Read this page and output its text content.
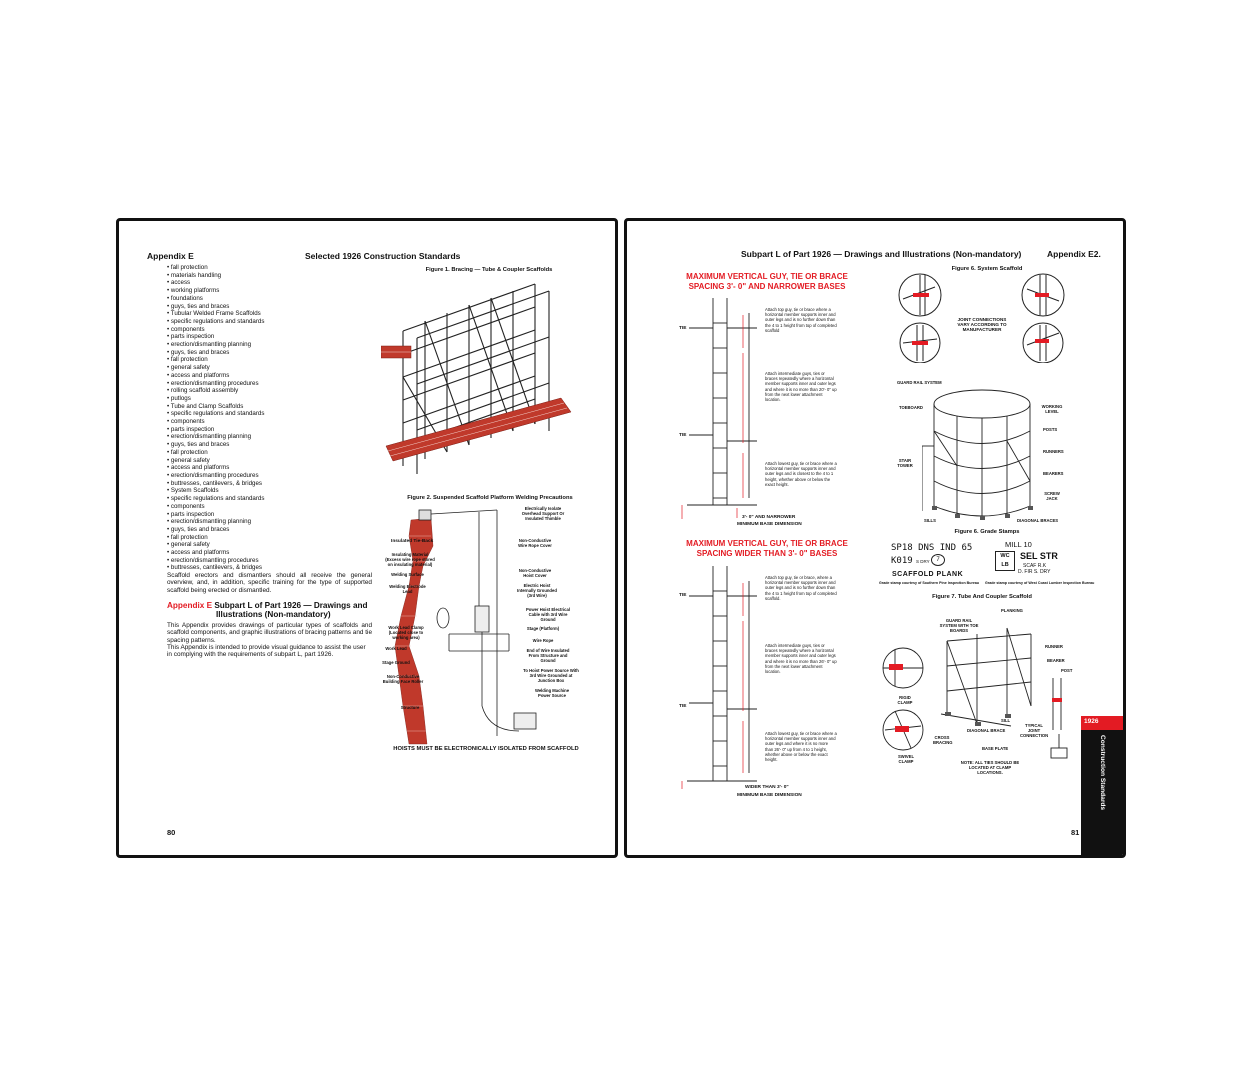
Appendix E	Selected 1926 Construction Standards
• fall protection
• materials handling
• access
• working platforms
• foundations
• guys, ties and braces
• Tubular Welded Frame Scaffolds
• specific regulations and standards
• components
• parts inspection
• erection/dismantling planning
• guys, ties and braces
• fall protection
• general safety
• access and platforms
• erection/dismantling procedures
• rolling scaffold assembly
• putlogs
• Tube and Clamp Scaffolds
• specific regulations and standards
• components
• parts inspection
• erection/dismantling planning
• guys, ties and braces
• fall protection
• general safety
• access and platforms
• erection/dismantling procedures
• buttresses, cantilevers, & bridges
• System Scaffolds
• specific regulations and standards
• components
• parts inspection
• erection/dismantling planning
• guys, ties and braces
• fall protection
• general safety
• access and platforms
• erection/dismantling procedures
• buttresses, cantilevers, & bridges
Scaffold erectors and dismantlers should all receive the general overview, and, in addition, specific training for the type of supported scaffold being erected or dismantled.
Appendix E Subpart L of Part 1926 — Drawings and
Illustrations (Non-mandatory)
This Appendix provides drawings of particular types of scaffolds and scaffold components, and graphic illustrations of bracing patterns and tie spacing patterns.
This Appendix is intended to provide visual guidance to assist the user in complying with the requirements of subpart L, part 1926.
Figure 1. Bracing — Tube & Coupler Scaffolds
Figure 2. Suspended Scaffold Platform Welding Precautions
Insulated Tie-Back
Insulating Material (Excess wire rope stored on insulating material)
Welding Surface
Welding Electrode Lead
Work Lead Clamp (Located close to working area)
Work Lead
Stage Ground
Non-Conductive Building Face Roller
Structure
Electrically Isolate Overhead Support Or Insulated Thimble
Non-Conductive Wire Rope Cover
Non-Conductive Hoist Cover
Electric Hoist Internally Grounded (3rd Wire)
Power Hoist Electrical Cable with 3rd Wire Ground
Stage (Platform)
Wire Rope
End of Wire Insulated From Structure and Ground
To Hoist Power Source With 3rd Wire Grounded at Junction Box
Welding Machine Power Source
HOISTS MUST BE ELECTRONICALLY ISOLATED FROM SCAFFOLD
80
Subpart L of Part 1926 — Drawings and Illustrations (Non-mandatory)	Appendix E2.
MAXIMUM VERTICAL GUY, TIE OR BRACE
SPACING 3'- 0" AND NARROWER BASES
TIE
TIE
Attach top guy, tie or brace where a horizontal member supports inner and outer legs and is no further down than the 4 to 1 height from top of completed scaffold
Attach intermediate guys, ties or braces repeatedly where a horizontal member supports inner and outer legs and where it is no more than 20'- 0" up from the next lower attachment location.
Attach lowest guy, tie or brace where a horizontal member supports inner and outer legs and is closest to the 4 to 1 height, whether above or below the exact height.
3'- 0" AND NARROWER
MINIMUM BASE DIMENSION
MAXIMUM VERTICAL GUY, TIE OR BRACE
SPACING WIDER THAN 3'- 0" BASES
TIE
TIE
Attach top guy, tie or brace, where a horizontal member supports inner and outer legs and is no further down than the 4 to 1 height from top of completed scaffold.
Attach intermediate guys, ties or braces repeatedly where a horizontal member supports inner and outer legs and where it is no more than 26'- 0" up from the next lower attachment location.
Attach lowest guy, tie or brace where a horizontal member supports inner and outer legs and where it is no more than 26'- 0" up from 4 to 1 height, whether above or below the exact height.
WIDER THAN 3'- 0"
MINIMUM BASE DIMENSION
Figure 6. System Scaffold
JOINT CONNECTIONS VARY ACCORDING TO MANUFACTURER
GUARD RAIL SYSTEM
TOEBOARD	WORKING LEVEL
POSTS
RUNNERS
BEARERS
STAIR TOWER
SCREW JACK
SILLS	DIAGONAL BRACES
Figure 6. Grade Stamps
SP18 DNS IND 65
K019 S DRY	7
SCAFFOLD PLANK
Grade stamp courtesy of Southern Pine Inspection Bureau
MILL 10
WC
LB
SEL STR
SCAF R.K
D. FIR S. DRY
Grade stamp courtesy of West Coast Lumber Inspection Bureau
Figure 7. Tube And Coupler Scaffold
PLANKING
GUARD RAIL SYSTEM WITH TOE BOARDS
RUNNER
BEARER
POST
RIGID CLAMP
SILL
DIAGONAL BRACE
TYPICAL JOINT CONNECTION
CROSS BRACING
SWIVEL CLAMP
BASE PLATE
NOTE: ALL TIES SHOULD BE LOCATED AT CLAMP LOCATIONS.
1926
Construction Standards
81
